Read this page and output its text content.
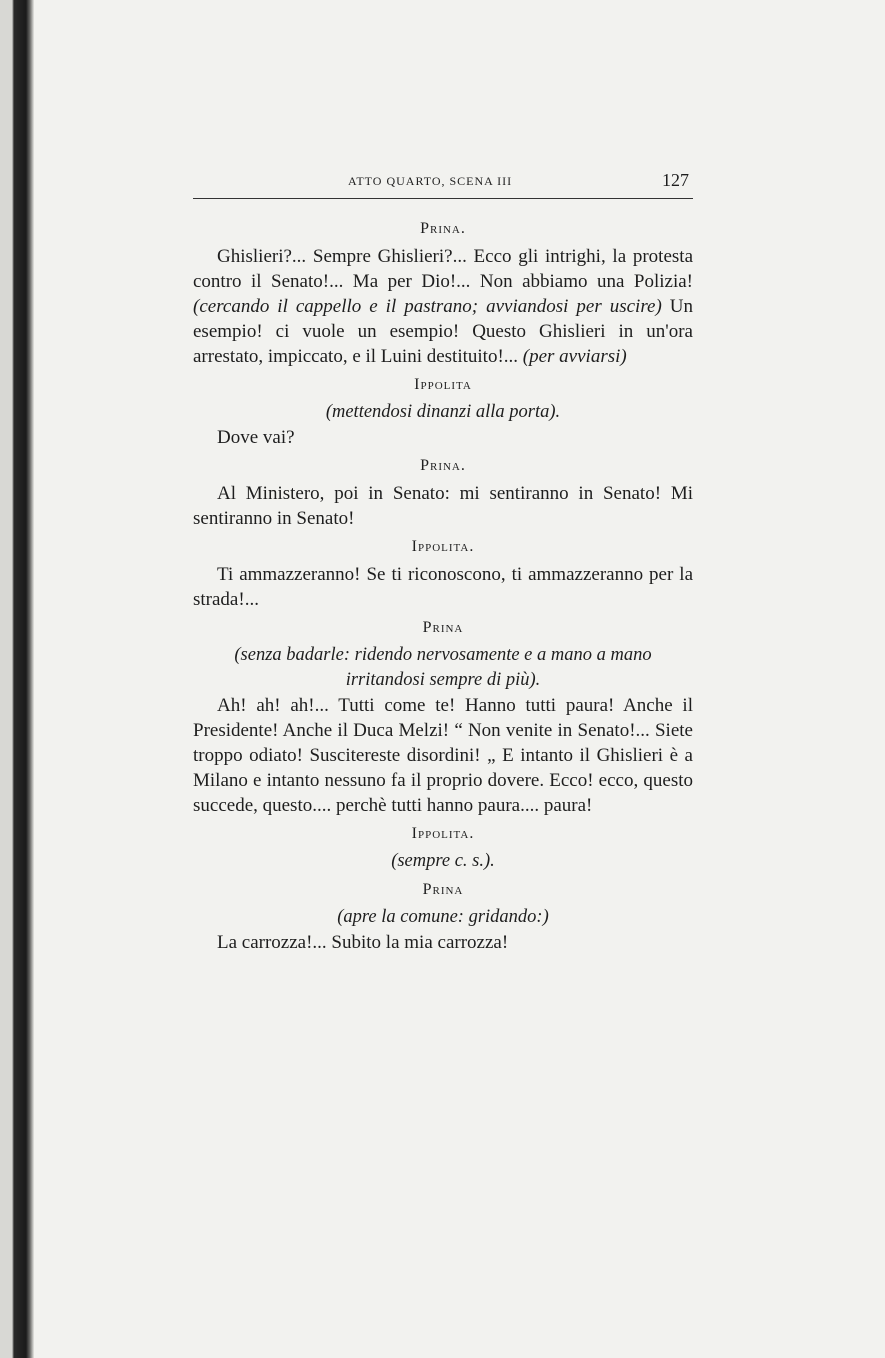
ATTO QUARTO, SCENA III	127
Prina.
Ghislieri?... Sempre Ghislieri?... Ecco gli intrighi, la protesta contro il Senato!... Ma per Dio!... Non abbiamo una Polizia! (cercando il cappello e il pastrano; avviandosi per uscire) Un esempio! ci vuole un esempio! Questo Ghislieri in un'ora arrestato, impiccato, e il Luini destituito!... (per avviarsi)
Ippolita
(mettendosi dinanzi alla porta).
Dove vai?
Prina.
Al Ministero, poi in Senato: mi sentiranno in Senato! Mi sentiranno in Senato!
Ippolita.
Ti ammazzeranno! Se ti riconoscono, ti ammazzeranno per la strada!...
Prina
(senza badarle: ridendo nervosamente e a mano a mano irritandosi sempre di più).
Ah! ah! ah!... Tutti come te! Hanno tutti paura! Anche il Presidente! Anche il Duca Melzi! “ Non venite in Senato!... Siete troppo odiato! Suscitereste disordini! „ E intanto il Ghislieri è a Milano e intanto nessuno fa il proprio dovere. Ecco! ecco, questo succede, questo.... perchè tutti hanno paura.... paura!
Ippolita.
(sempre c. s.).
Prina
(apre la comune: gridando:)
La carrozza!... Subito la mia carrozza!
